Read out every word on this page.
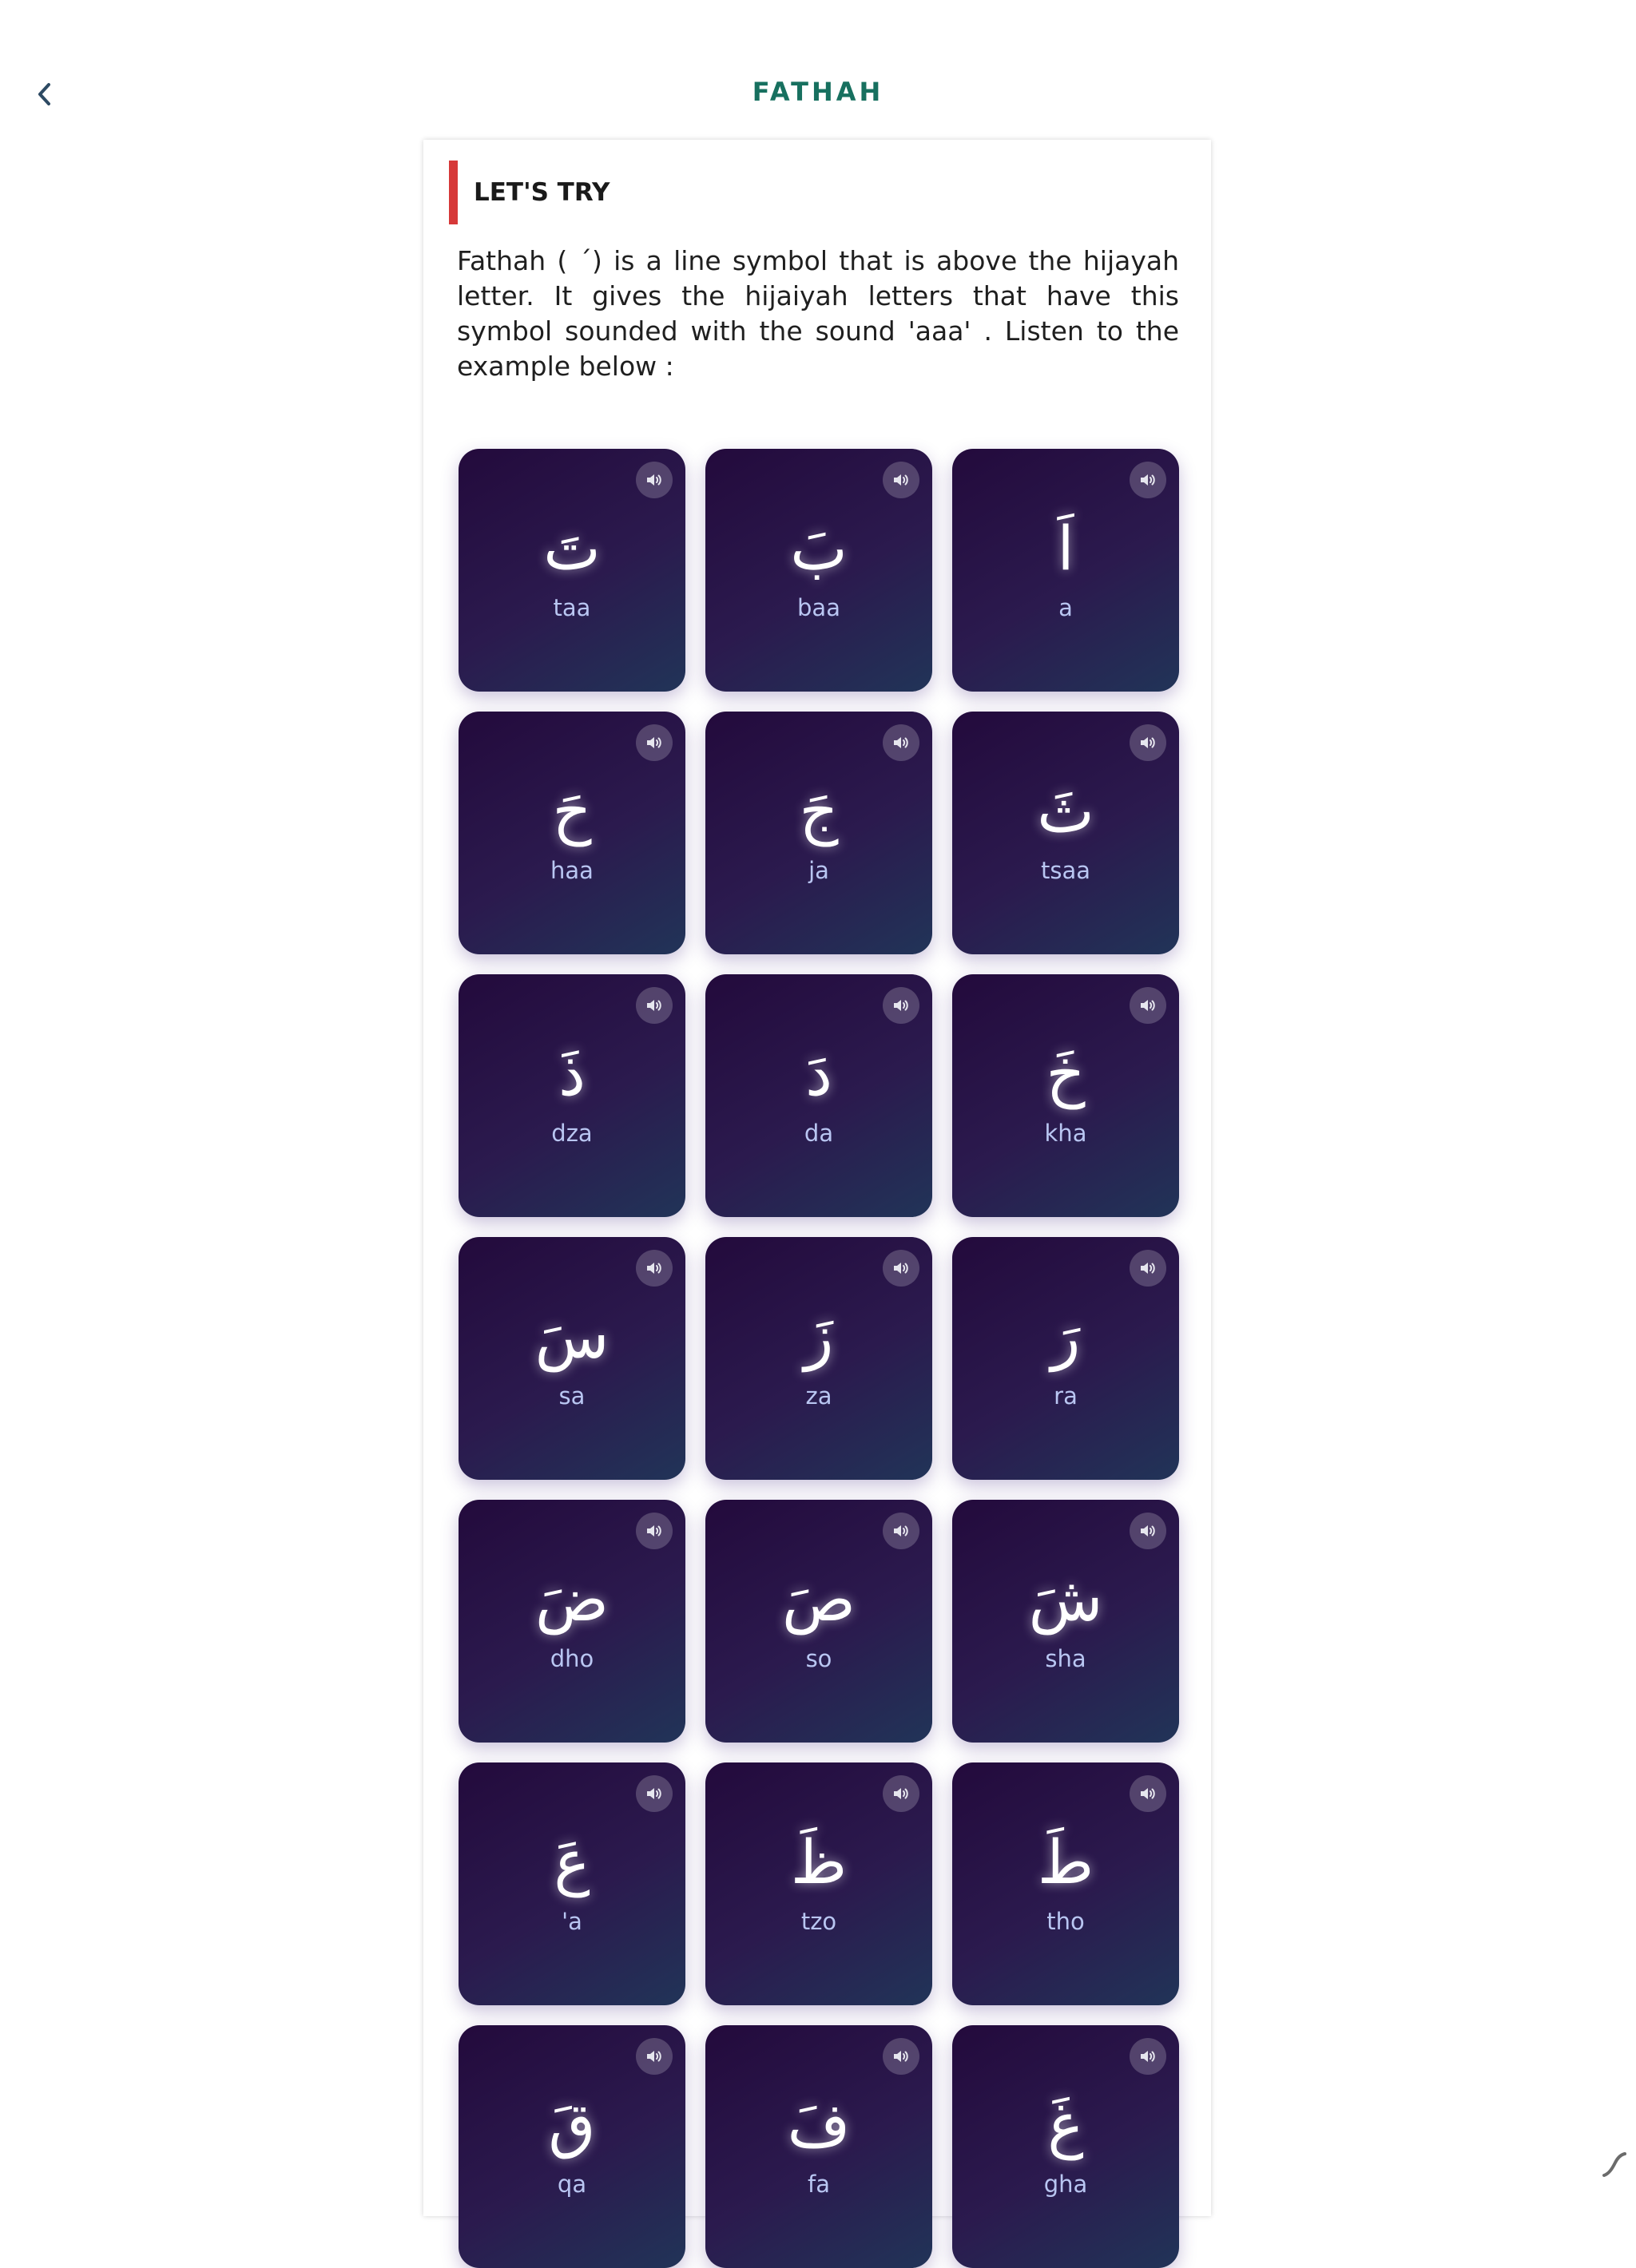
FATHAH
LET'S TRY
Fathah ( ´) is a line symbol that is above the hijayah letter. It gives the hijaiyah letters that have this symbol sounded with the sound 'aaa' . Listen to the example below :
تَ
taa
بَ
baa
اَ
a
حَ
haa
جَ
ja
ثَ
tsaa
ذَ
dza
دَ
da
خَ
kha
سَ
sa
زَ
za
رَ
ra
ضَ
dho
صَ
so
شَ
sha
عَ
'a
ظَ
tzo
طَ
tho
قَ
qa
فَ
fa
غَ
gha
